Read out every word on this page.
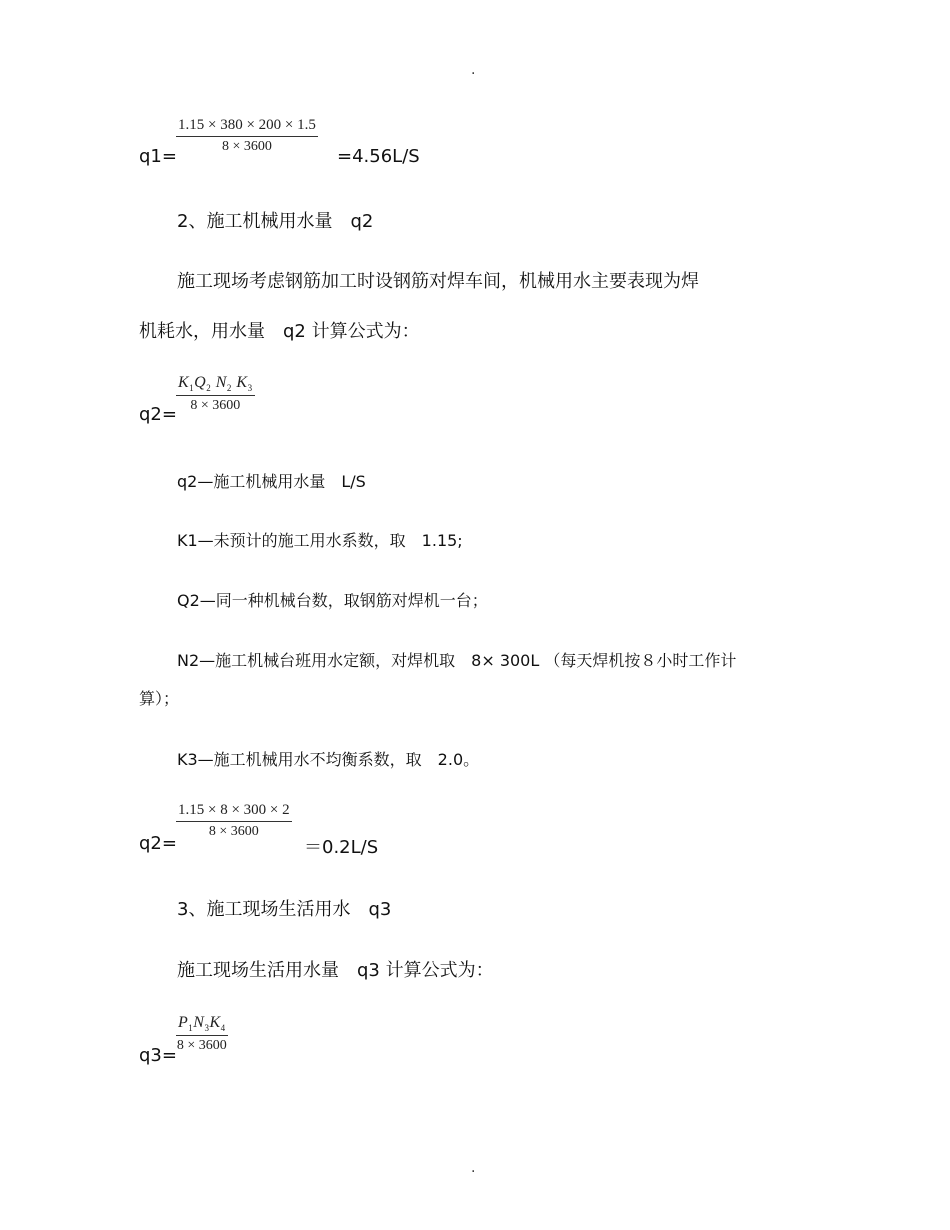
.
.
q1=
1.15 × 380 × 200 × 1.5
8 × 3600	=4.56L/S
2、施工机械用水量　q2
施工现场考虑钢筋加工时设钢筋对焊车间，机械用水主要表现为焊
机耗水，用水量　q2 计算公式为：
q2=
$K_1Q_2$ $N_2$ $K_3$
8 × 3600
q2—施工机械用水量　L/S
K1—未预计的施工用水系数，取　1.15;
Q2—同一种机械台数，取钢筋对焊机一台；
N2—施工机械台班用水定额，对焊机取　8× 300L （每天焊机按８小时工作计
算）；
K3—施工机械用水不均衡系数，取　2.0。
q2=
1.15 × 8 × 300 × 2
8 × 3600
＝0.2L/S
3、施工现场生活用水　q3
施工现场生活用水量　q3 计算公式为：
q3=
$P_1N_3K_4$
8 × 3600
